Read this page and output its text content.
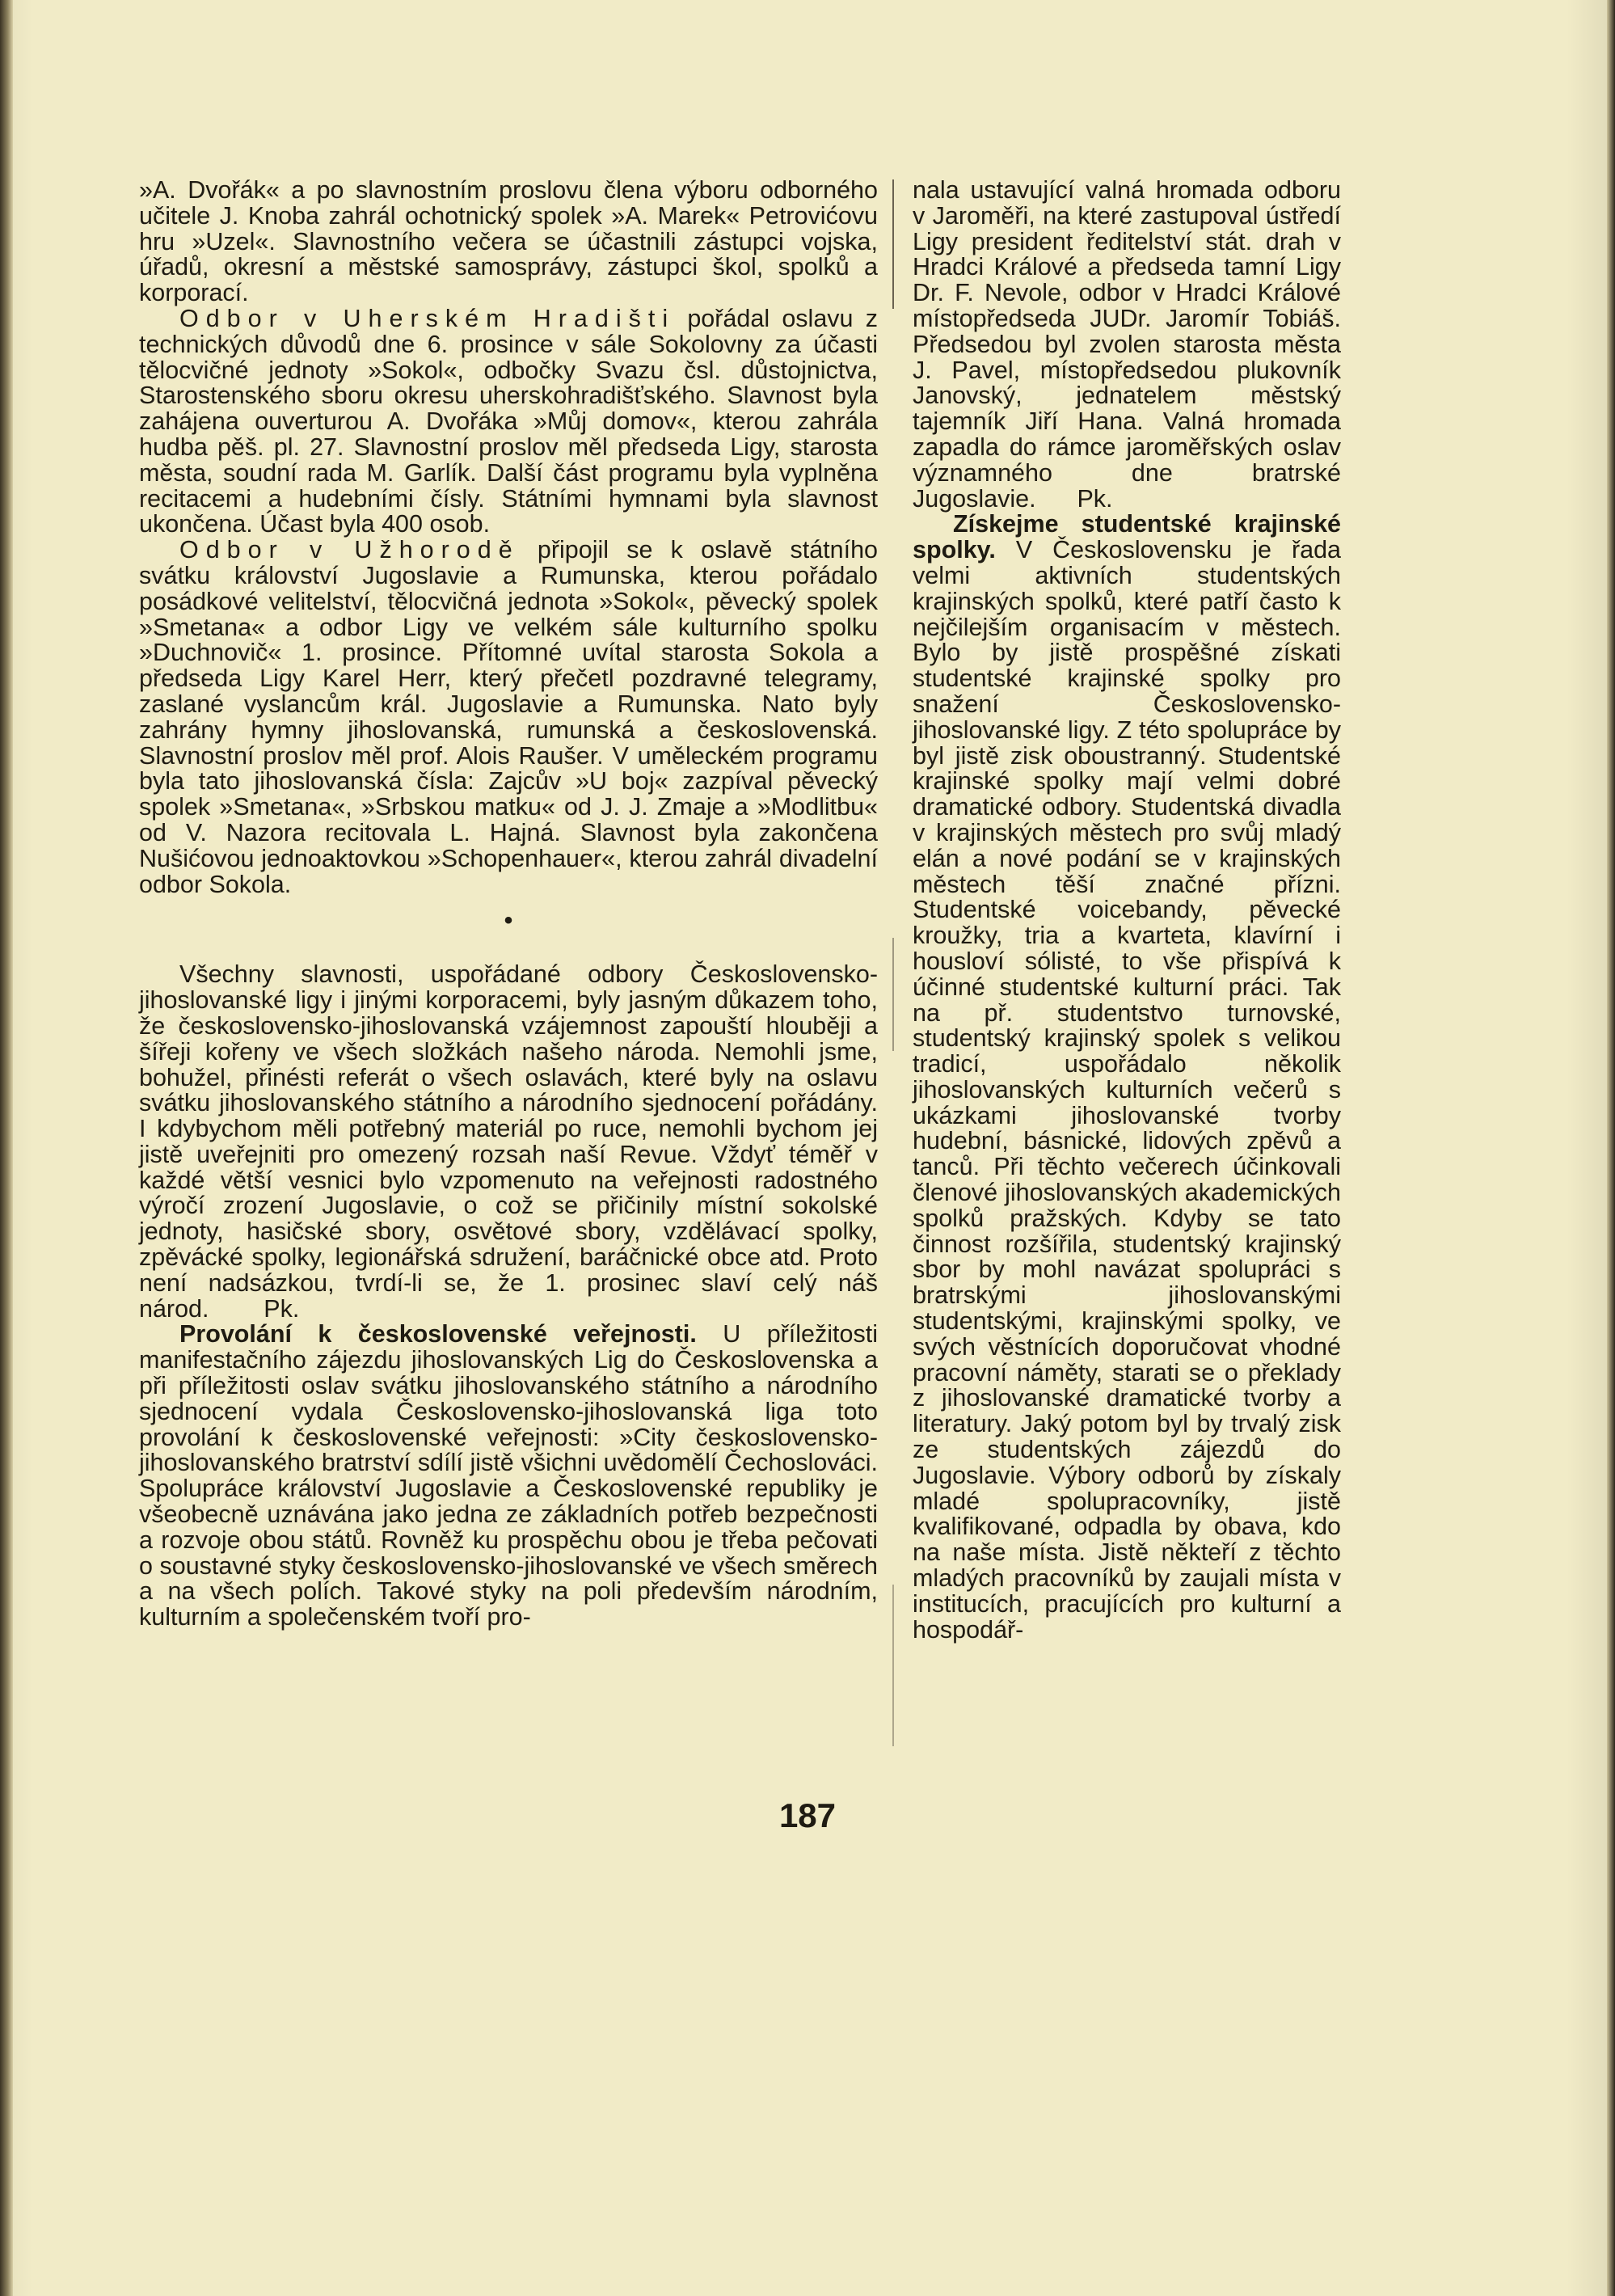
»A. Dvořák« a po slavnostním proslovu člena výboru odborného učitele J. Knoba zahrál ochotnický spolek »A. Marek« Petrovićovu hru »Uzel«. Slavnostního večera se účastnili zástupci vojska, úřadů, okresní a městské samosprávy, zástupci škol, spolků a korporací.

Odbor v Uherském Hradišti pořádal oslavu z technických důvodů dne 6. prosince v sále Sokolovny za účasti tělocvičné jednoty »Sokol«, odbočky Svazu čsl. důstojnictva, Starostenského sboru okresu uherskohradišťského. Slavnost byla zahájena ouverturou A. Dvořáka »Můj domov«, kterou zahrála hudba pěš. pl. 27. Slavnostní proslov měl předseda Ligy, starosta města, soudní rada M. Garlík. Další část programu byla vyplněna recitacemi a hudebními čísly. Státními hymnami byla slavnost ukončena. Účast byla 400 osob.

Odbor v Užhorodě připojil se k oslavě státního svátku království Jugoslavie a Rumunska, kterou pořádalo posádkové velitelství, tělocvičná jednota »Sokol«, pěvecký spolek »Smetana« a odbor Ligy ve velkém sále kulturního spolku »Duchnovič« 1. prosince. Přítomné uvítal starosta Sokola a předseda Ligy Karel Herr, který přečetl pozdravné telegramy, zaslané vyslancům král. Jugoslavie a Rumunska. Nato byly zahrány hymny jihoslovanská, rumunská a československá. Slavnostní proslov měl prof. Alois Raušer. V uměleckém programu byla tato jihoslovanská čísla: Zajcův »U boj« zazpíval pěvecký spolek »Smetana«, »Srbskou matku« od J. J. Zmaje a »Modlitbu« od V. Nazora recitovala L. Hajná. Slavnost byla zakončena Nušićovou jednoaktovkou »Schopenhauer«, kterou zahrál divadelní odbor Sokola.

•

Všechny slavnosti, uspořádané odbory Československo-jihoslovanské ligy i jinými korporacemi, byly jasným důkazem toho, že československo-jihoslovanská vzájemnost zapouští hlouběji a šířeji kořeny ve všech složkách našeho národa. Nemohli jsme, bohužel, přinésti referát o všech oslavách, které byly na oslavu svátku jihoslovanského státního a národního sjednocení pořádány. I kdybychom měli potřebný materiál po ruce, nemohli bychom jej jistě uveřejniti pro omezený rozsah naší Revue. Vždyť téměř v každé větší vesnici bylo vzpomenuto na veřejnosti radostného výročí zrození Jugoslavie, o což se přičinily místní sokolské jednoty, hasičské sbory, osvětové sbory, vzdělávací spolky, zpěvácké spolky, legionářská sdružení, baráčnické obce atd. Proto není nadsázkou, tvrdí-li se, že 1. prosinec slaví celý náš národ. Pk.

Provolání k československé veřejnosti. U příležitosti manifestačního zájezdu jihoslovanských Lig do Československa a při příležitosti oslav svátku jihoslovanského státního a národního sjednocení vydala Československo-jihoslovanská liga toto provolání k československé veřejnosti: »City československo-jihoslovanského bratrství sdílí jistě všichni uvědomělí Čechoslováci. Spolupráce království Jugoslavie a Československé republiky je všeobecně uznávána jako jedna ze základních potřeb bezpečnosti a rozvoje obou států. Rovněž ku prospěchu obou je třeba pečovati o soustavné styky československo-jihoslovanské ve všech směrech a na všech polích. Takové styky na poli především národním, kulturním a společenském tvoří pro-

nala ustavující valná hromada odboru v Jaroměři, na které zastupoval ústředí Ligy president ředitelství stát. drah v Hradci Králové a předseda tamní Ligy Dr. F. Nevole, odbor v Hradci Králové místopředseda JUDr. Jaromír Tobiáš. Předsedou byl zvolen starosta města J. Pavel, místopředsedou plukovník Janovský, jednatelem městský tajemník Jiří Hana. Valná hromada zapadla do rámce jaroměřských oslav významného dne bratrské Jugoslavie. Pk.

Získejme studentské krajinské spolky. V Československu je řada velmi aktivních studentských krajinských spolků, které patří často k nejčilejším organisacím v městech. Bylo by jistě prospěšné získati studentské krajinské spolky pro snažení Československo-jihoslovanské ligy. Z této spolupráce by byl jistě zisk oboustranný. Studentské krajinské spolky mají velmi dobré dramatické odbory. Studentská divadla v krajinských městech pro svůj mladý elán a nové podání se v krajinských městech těší značné přízni. Studentské voicebandy, pěvecké kroužky, tria a kvarteta, klavírní i housloví sólisté, to vše přispívá k účinné studentské kulturní práci. Tak na př. studentstvo turnovské, studentský krajinský spolek s velikou tradicí, uspořádalo několik jihoslovanských kulturních večerů s ukázkami jihoslovanské tvorby hudební, básnické, lidových zpěvů a tanců. Při těchto večerech účinkovali členové jihoslovanských akademických spolků pražských. Kdyby se tato činnost rozšířila, studentský krajinský sbor by mohl navázat spolupráci s bratrskými jihoslovanskými studentskými, krajinskými spolky, ve svých věstnících doporučovat vhodné pracovní náměty, starati se o překlady z jihoslovanské dramatické tvorby a literatury. Jaký potom byl by trvalý zisk ze studentských zájezdů do Jugoslavie. Výbory odborů by získaly mladé spolupracovníky, jistě kvalifikované, odpadla by obava, kdo na naše místa. Jistě někteří z těchto mladých pracovníků by zaujali místa v institucích, pracujících pro kulturní a hospodář-

187
